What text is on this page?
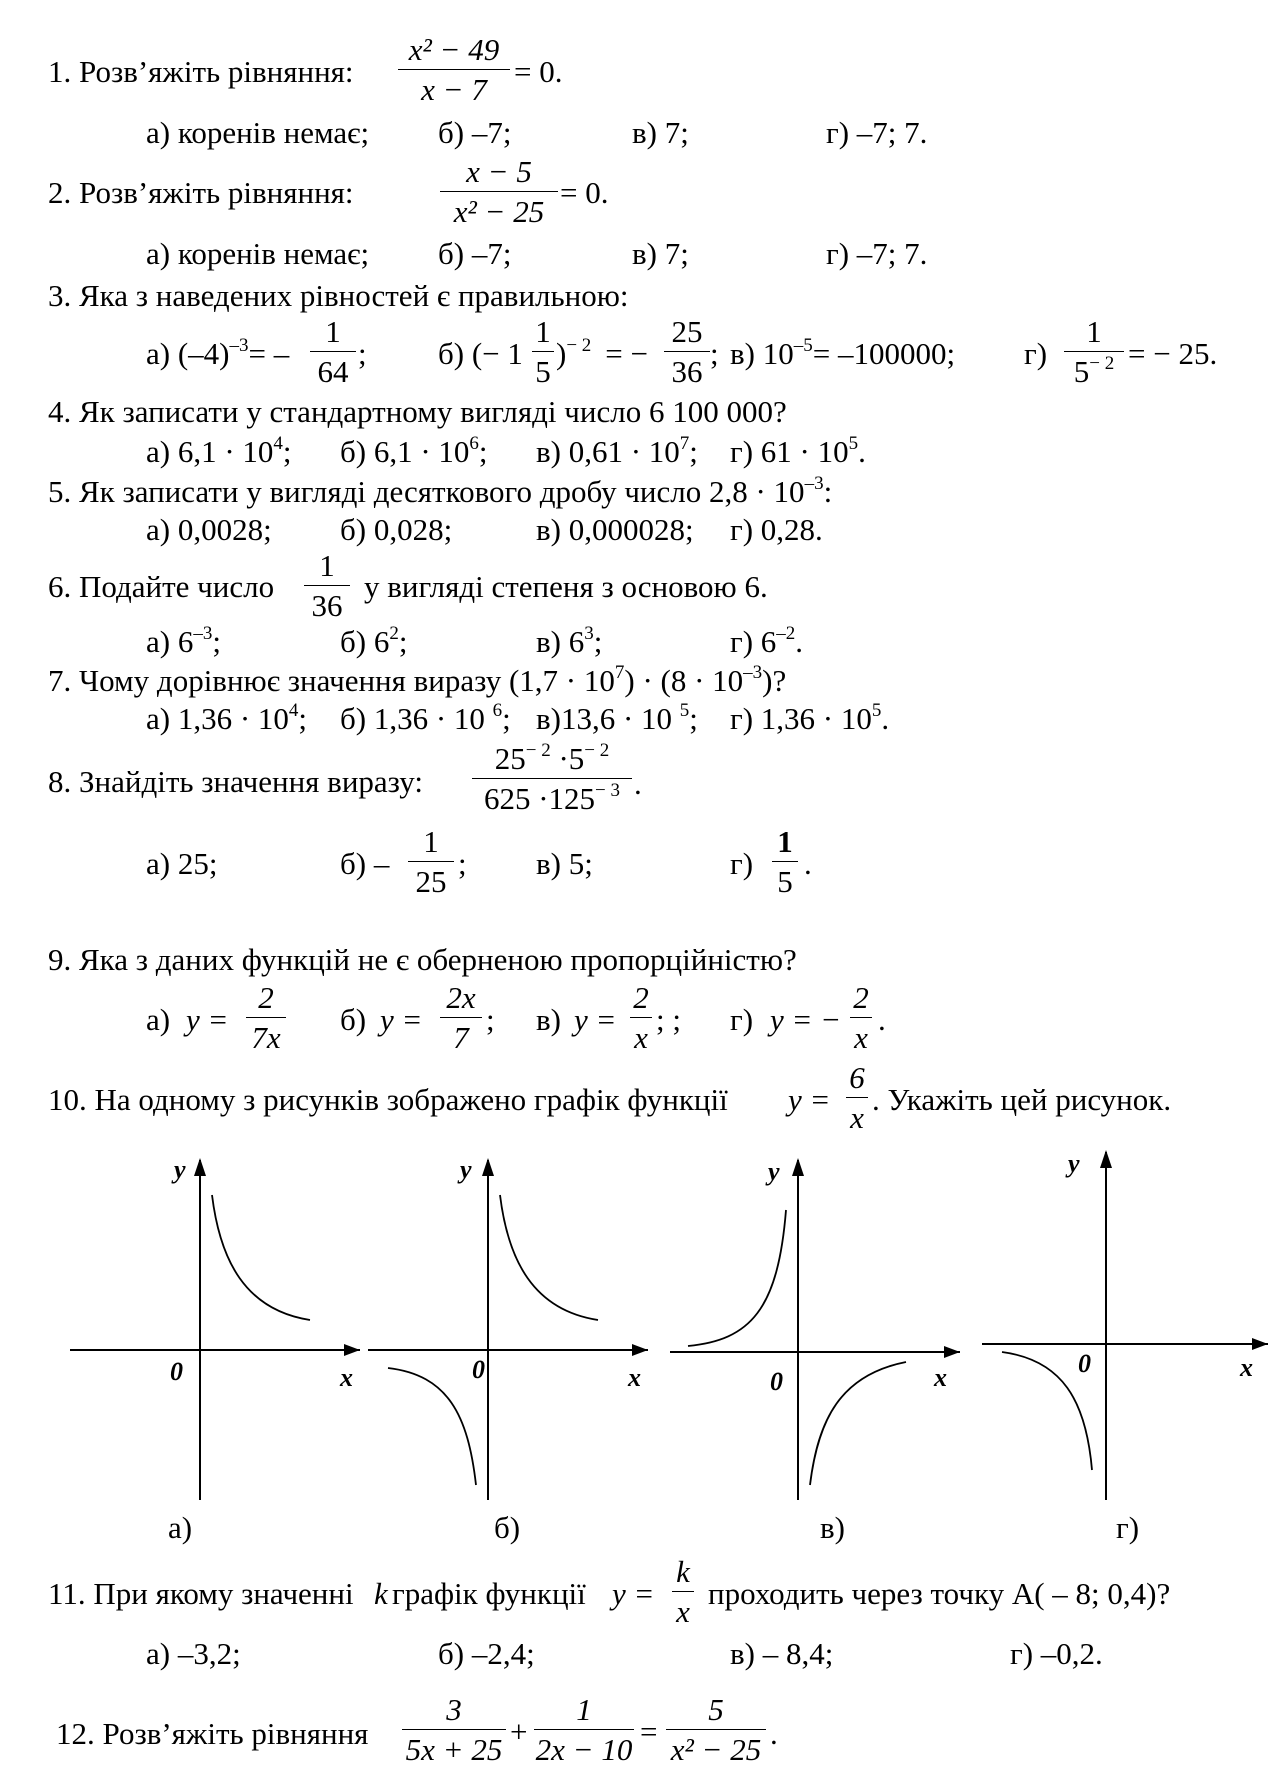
1. Розв’яжіть рівняння:
x² − 49
x − 7
= 0.
а) коренів немає; б) –7;	в) 7;	г) –7; 7.
2. Розв’яжіть рівняння:
x − 5
x² − 25
= 0.
а) коренів немає; б) –7;	в) 7;	г) –7; 7.
3. Яка з наведених рівностей є правильною:
а) $(-4)^{-3}=$ –
1
64
; б) (− 1
1
5
)$^{- 2}$ = −
25
36
; в) $10^{-5}= -100000$; г)
1
$5^{- 2}$ = − 25.
4. Як записати у стандартному вигляді число 6 100 000?
а) $6,1 \cdot 10^4$; б) $6,1 \cdot 10^6$; в) $0,61 \cdot 10^7$; г) $61 \cdot 10^5$.
5. Як записати у вигляді десяткового дробу число $2,8 \cdot 10^{-3}$:
а) 0,0028; б) 0,028;	в) 0,000028; г) 0,28.
6. Подайте число
1
36
у вигляді степеня з основою 6.
а) $6^{-3}$;	б) $6^2$;	в) $6^3$;	г) $6^{-2}$.
7. Чому дорівнює значення виразу $(1,7 \cdot 10^7) \cdot (8 \cdot 10^{-3})$?
а) $1,36 \cdot 10^4$; б) 1,36 · 10 $^6$; в)13,6 · 10 $^5$; г) $1,36 \cdot 10^5$.
8. Знайдіть значення виразу:
$25^{- 2} \cdot 5^{- 2}$
$625 \cdot 125^{- 3}$ .
а) 25;	б) –
1
25
; в) 5;	г)
1
5
.
9. Яка з даних функцій не є оберненою пропорційністю?
а) y =
2
7x
б) y =
2x
7
; в) y =
2
x
; ; г) y = −
2
x
.
10. На одному з рисунків зображено графік функції y =
6
x
. Укажіть цей рисунок.
y
0	x
y
0	x
y
0	x
y
0	x
а)	б)	в)	г)
11. При якому значенні k графік функції y =
k
x
проходить через точку А( – 8; 0,4)?
а) –3,2;	б) –2,4;	в) – 8,4;	г) –0,2.
12. Розв’яжіть рівняння
3
5x + 25
+
1
2x − 10
=
5
x² − 25 .
